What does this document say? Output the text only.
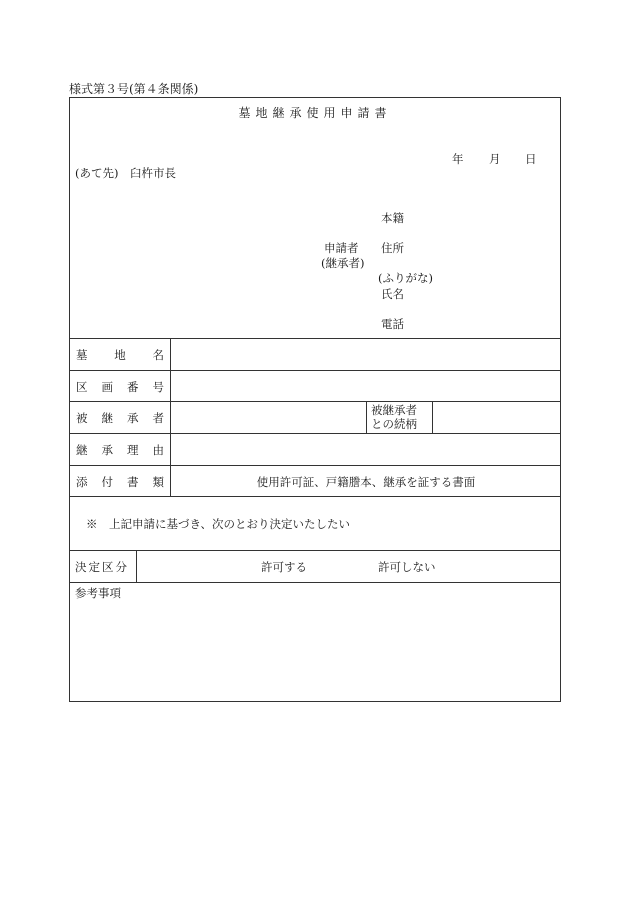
様式第３号(第４条関係)
墓地継承使用申請書
年 月 日
(あて先)　臼杵市長
本籍
申請者 住所
(継承者)
(ふりがな)
氏名
電話
墓 地 名
区 画 番 号
被 継 承 者
被継承者
との続柄
継 承 理 由
添 付 書 類	使用許可証、戸籍謄本、継承を証する書面
※　上記申請に基づき、次のとおり決定いたしたい
決定区分	許可する	許可しない
参考事項
